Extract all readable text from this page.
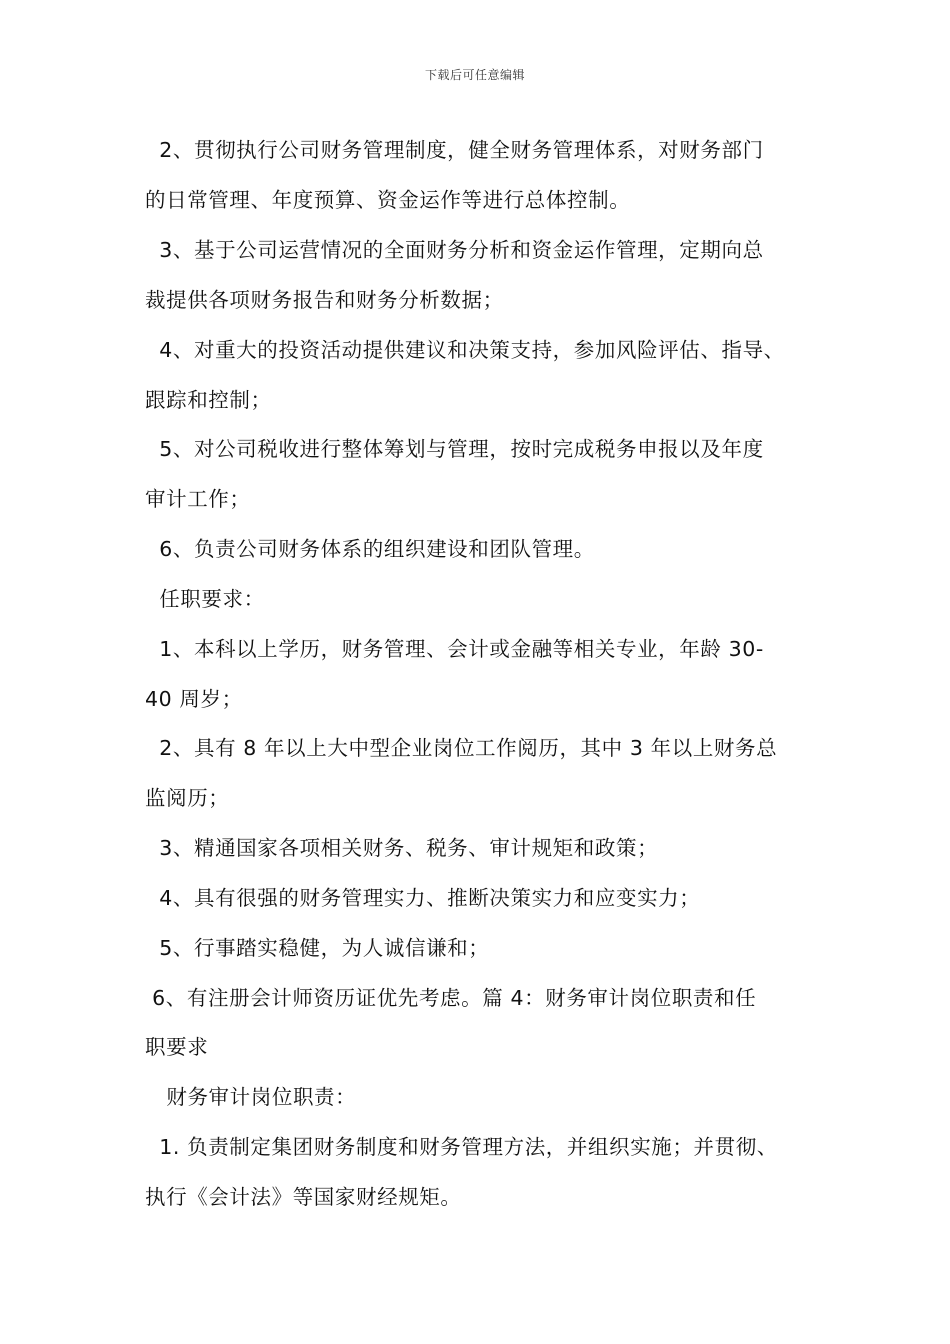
下载后可任意编辑
2、贯彻执行公司财务管理制度，健全财务管理体系，对财务部门
的日常管理、年度预算、资金运作等进行总体控制。
3、基于公司运营情况的全面财务分析和资金运作管理，定期向总
裁提供各项财务报告和财务分析数据；
4、对重大的投资活动提供建议和决策支持，参加风险评估、指导、
跟踪和控制；
5、对公司税收进行整体筹划与管理，按时完成税务申报以及年度
审计工作；
6、负责公司财务体系的组织建设和团队管理。
任职要求：
1、本科以上学历，财务管理、会计或金融等相关专业，年龄 30-
40 周岁；
2、具有 8 年以上大中型企业岗位工作阅历，其中 3 年以上财务总
监阅历；
3、精通国家各项相关财务、税务、审计规矩和政策；
4、具有很强的财务管理实力、推断决策实力和应变实力；
5、行事踏实稳健，为人诚信谦和；
6、有注册会计师资历证优先考虑。篇 4：财务审计岗位职责和任
职要求
财务审计岗位职责：
1. 负责制定集团财务制度和财务管理方法，并组织实施；并贯彻、
执行《会计法》等国家财经规矩。
